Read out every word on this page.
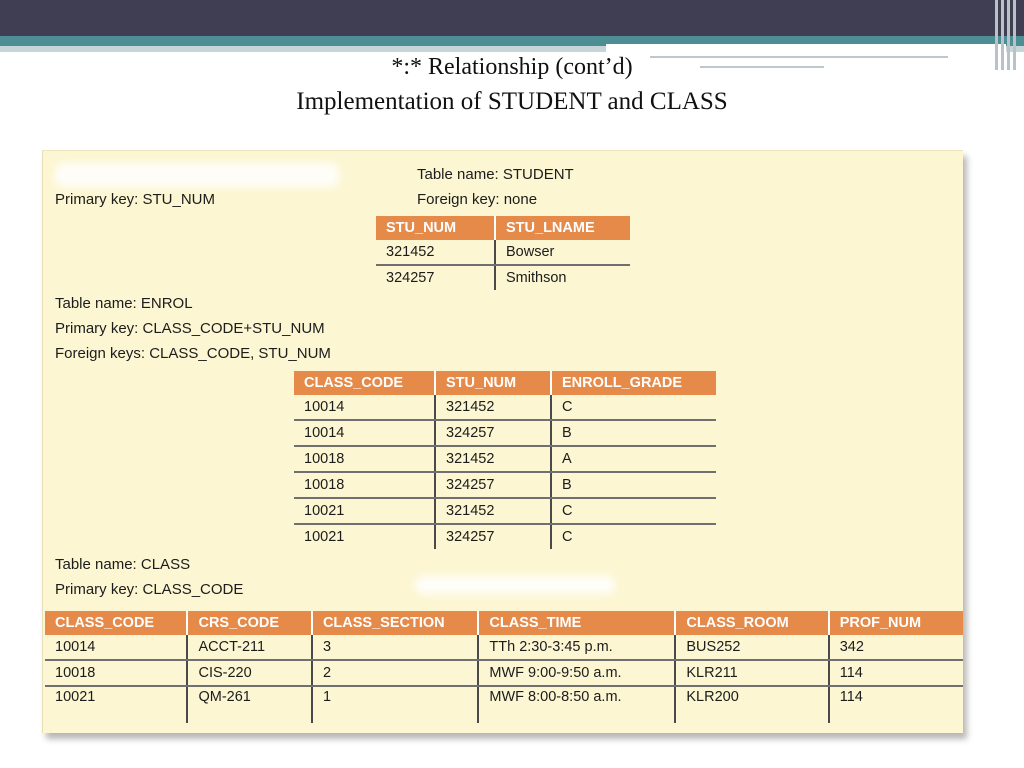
*:* Relationship (cont’d)
Implementation of STUDENT and CLASS
Table name: STUDENT
Primary key: STU_NUM	Foreign key: none
STU_NUM	STU_LNAME
321452	Bowser
324257	Smithson
Table name: ENROL
Primary key: CLASS_CODE+STU_NUM
Foreign keys: CLASS_CODE, STU_NUM
CLASS_CODE	STU_NUM	ENROLL_GRADE
10014	321452	C
10014	324257	B
10018	321452	A
10018	324257	B
10021	321452	C
10021	324257	C
Table name: CLASS
Primary key: CLASS_CODE
CLASS_CODE	CRS_CODE	CLASS_SECTION	CLASS_TIME	CLASS_ROOM	PROF_NUM
10014	ACCT-211	3	TTh 2:30-3:45 p.m.	BUS252	342
10018	CIS-220	2	MWF 9:00-9:50 a.m.	KLR211	114
10021	QM-261	1	MWF 8:00-8:50 a.m.	KLR200	114
